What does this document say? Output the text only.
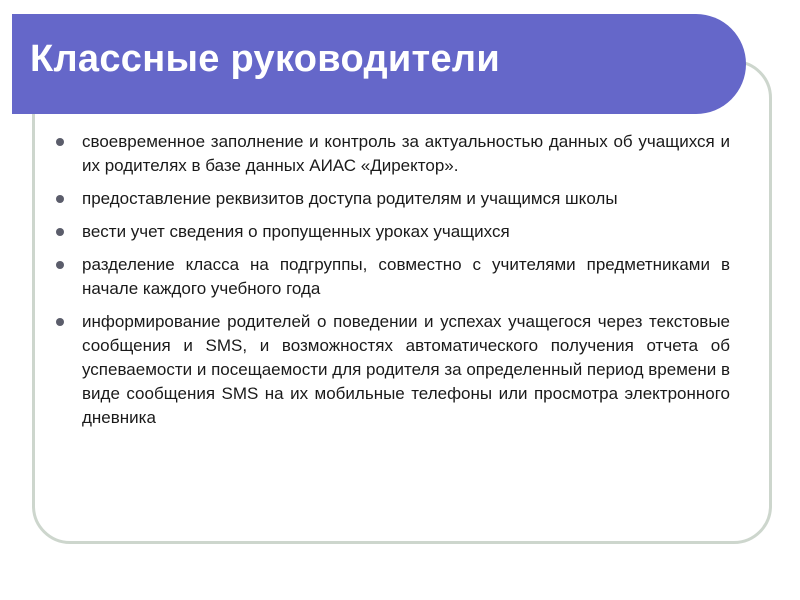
Классные руководители
своевременное заполнение и контроль за актуальностью данных об учащихся и их родителях в базе данных АИАС «Директор».
предоставление реквизитов доступа родителям и учащимся школы
вести учет сведения о пропущенных уроках учащихся
разделение класса на подгруппы, совместно с учителями предметниками в начале каждого учебного года
информирование родителей о поведении и успехах учащегося через текстовые сообщения и SMS, и возможностях автоматического получения отчета об успеваемости и посещаемости для родителя за определенный период времени в виде сообщения SMS на их мобильные телефоны или просмотра электронного дневника
